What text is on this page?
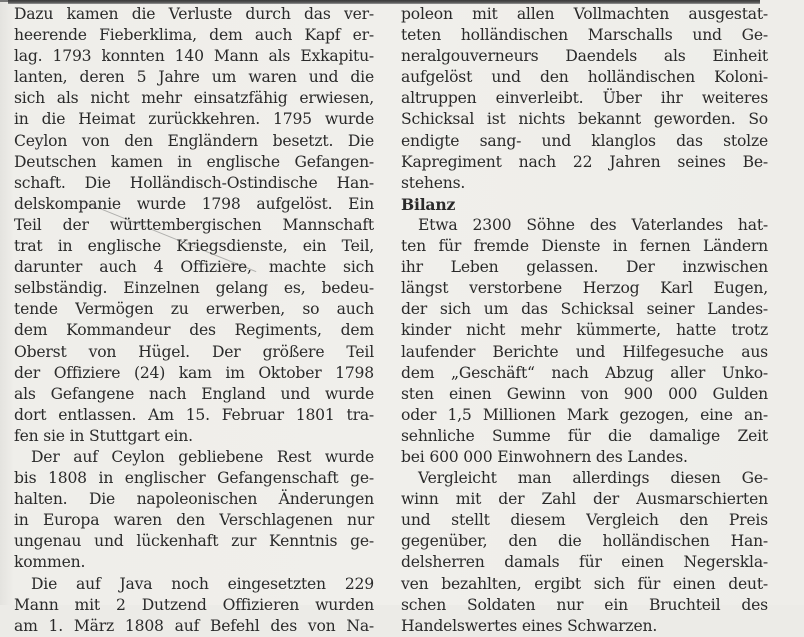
Dazu kamen die Verluste durch das ver-
heerende Fieberklima, dem auch Kapf er-
lag. 1793 konnten 140 Mann als Exkapitu-
lanten, deren 5 Jahre um waren und die
sich als nicht mehr einsatzfähig erwiesen,
in die Heimat zurückkehren. 1795 wurde
Ceylon von den Engländern besetzt. Die
Deutschen kamen in englische Gefangen-
schaft. Die Holländisch-Ostindische Han-
delskompanie wurde 1798 aufgelöst. Ein
Teil der württembergischen Mannschaft
trat in englische Kriegsdienste, ein Teil,
darunter auch 4 Offiziere, machte sich
selbständig. Einzelnen gelang es, bedeu-
tende Vermögen zu erwerben, so auch
dem Kommandeur des Regiments, dem
Oberst von Hügel. Der größere Teil
der Offiziere (24) kam im Oktober 1798
als Gefangene nach England und wurde
dort entlassen. Am 15. Februar 1801 tra-
fen sie in Stuttgart ein.
Der auf Ceylon gebliebene Rest wurde
bis 1808 in englischer Gefangenschaft ge-
halten. Die napoleonischen Änderungen
in Europa waren den Verschlagenen nur
ungenau und lückenhaft zur Kenntnis ge-
kommen.
Die auf Java noch eingesetzten 229
Mann mit 2 Dutzend Offizieren wurden
am 1. März 1808 auf Befehl des von Na-
poleon mit allen Vollmachten ausgestat-
teten holländischen Marschalls und Ge-
neralgouverneurs Daendels als Einheit
aufgelöst und den holländischen Koloni-
altruppen einverleibt. Über ihr weiteres
Schicksal ist nichts bekannt geworden. So
endigte sang- und klanglos das stolze
Kapregiment nach 22 Jahren seines Be-
stehens.
Bilanz
Etwa 2300 Söhne des Vaterlandes hat-
ten für fremde Dienste in fernen Ländern
ihr Leben gelassen. Der inzwischen
längst verstorbene Herzog Karl Eugen,
der sich um das Schicksal seiner Landes-
kinder nicht mehr kümmerte, hatte trotz
laufender Berichte und Hilfegesuche aus
dem „Geschäft“ nach Abzug aller Unko-
sten einen Gewinn von 900 000 Gulden
oder 1,5 Millionen Mark gezogen, eine an-
sehnliche Summe für die damalige Zeit
bei 600 000 Einwohnern des Landes.
Vergleicht man allerdings diesen Ge-
winn mit der Zahl der Ausmarschierten
und stellt diesem Vergleich den Preis
gegenüber, den die holländischen Han-
delsherren damals für einen Negerskla-
ven bezahlten, ergibt sich für einen deut-
schen Soldaten nur ein Bruchteil des
Handelswertes eines Schwarzen.
